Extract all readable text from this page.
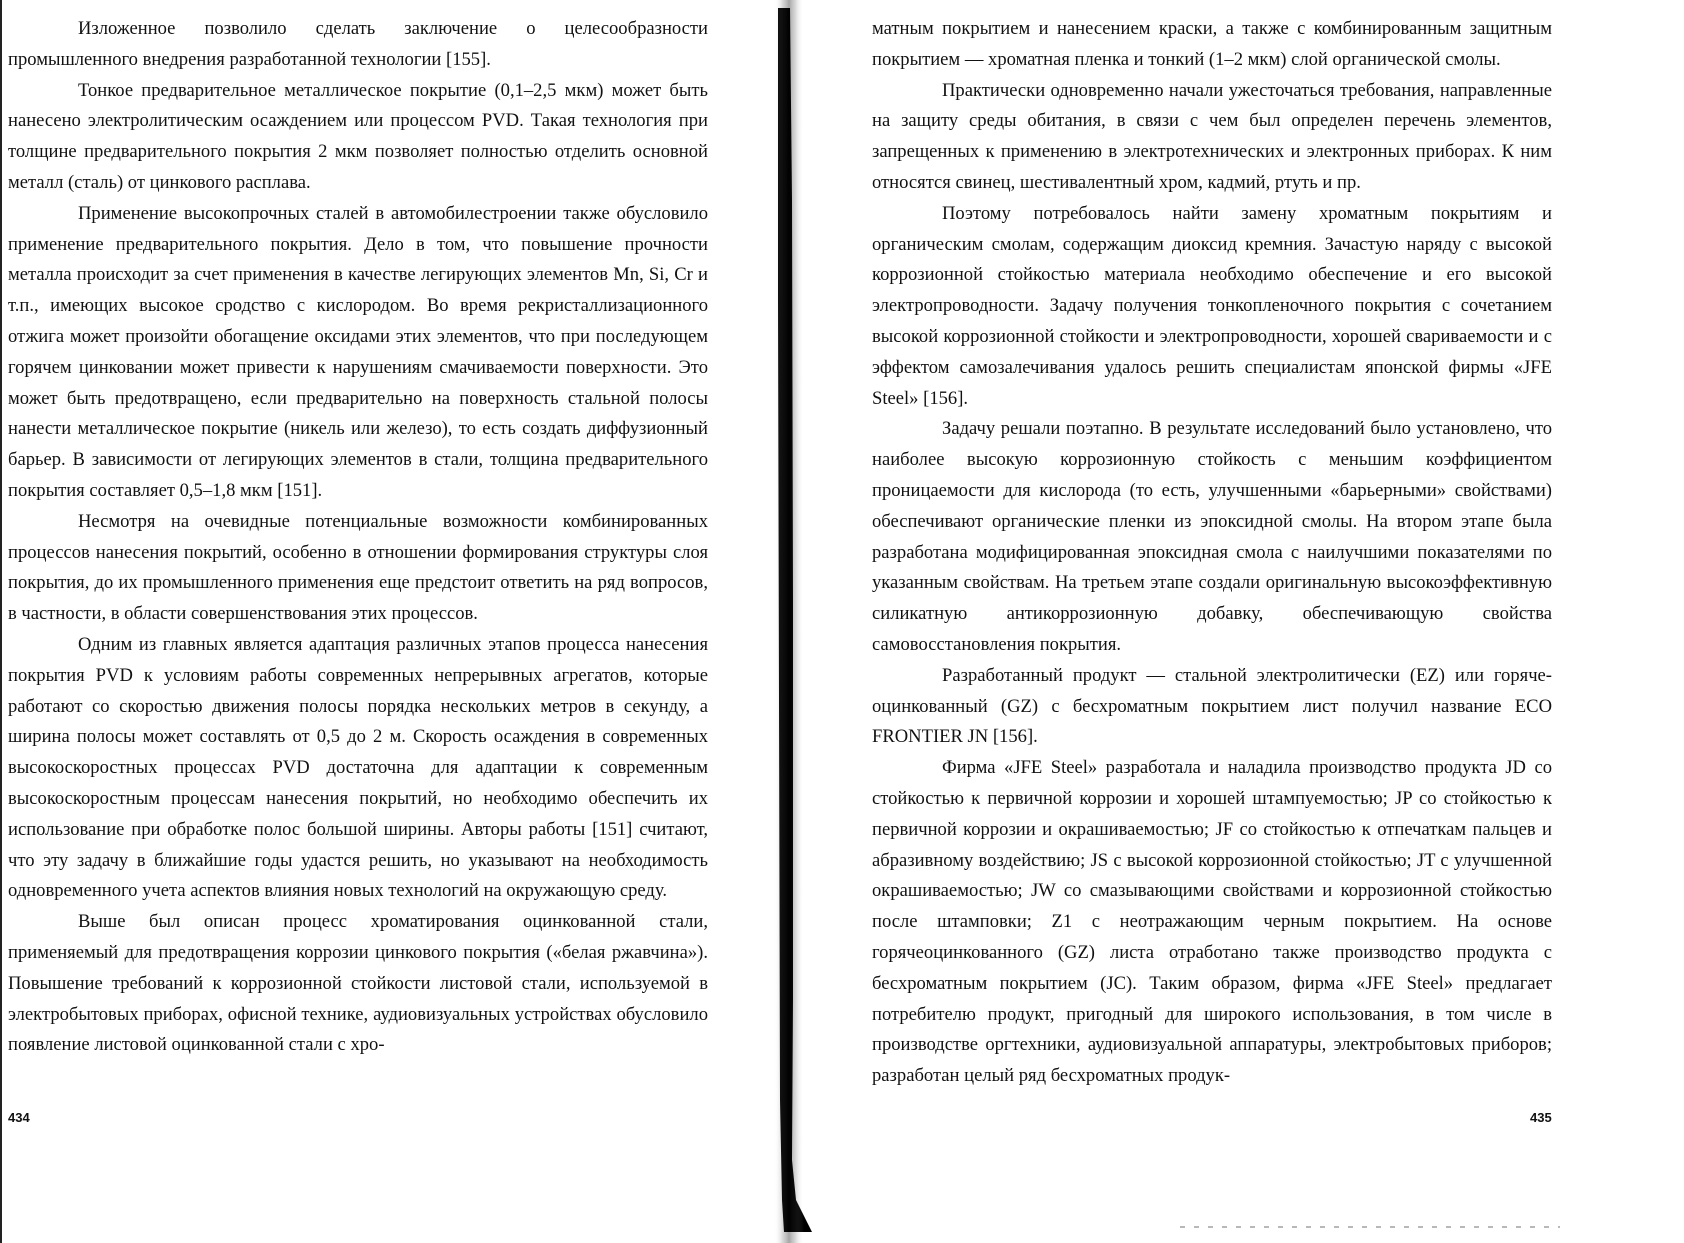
Изложенное позволило сделать заключение о целесообразности промышленного внедрения разработанной технологии [155].

Тонкое предварительное металлическое покрытие (0,1–2,5 мкм) может быть нанесено электролитическим осаждением или процессом PVD. Такая технология при толщине предварительного покрытия 2 мкм позволяет полностью отделить основной металл (сталь) от цинкового расплава.

Применение высокопрочных сталей в автомобилестроении также обусловило применение предварительного покрытия. Дело в том, что повышение прочности металла происходит за счет применения в качестве легирующих элементов Mn, Si, Cr и т.п., имеющих высокое сродство с кислородом. Во время рекристаллизационного отжига может произойти обогащение оксидами этих элементов, что при последующем горячем цинковании может привести к нарушениям смачиваемости поверхности. Это может быть предотвращено, если предварительно на поверхность стальной полосы нанести металлическое покрытие (никель или железо), то есть создать диффузионный барьер. В зависимости от легирующих элементов в стали, толщина предварительного покрытия составляет 0,5–1,8 мкм [151].

Несмотря на очевидные потенциальные возможности комбинированных процессов нанесения покрытий, особенно в отношении формирования структуры слоя покрытия, до их промышленного применения еще предстоит ответить на ряд вопросов, в частности, в области совершенствования этих процессов.

Одним из главных является адаптация различных этапов процесса нанесения покрытия PVD к условиям работы современных непрерывных агрегатов, которые работают со скоростью движения полосы порядка нескольких метров в секунду, а ширина полосы может составлять от 0,5 до 2 м. Скорость осаждения в современных высокоскоростных процессах PVD достаточна для адаптации к современным высокоскоростным процессам нанесения покрытий, но необходимо обеспечить их использование при обработке полос большой ширины. Авторы работы [151] считают, что эту задачу в ближайшие годы удастся решить, но указывают на необходимость одновременного учета аспектов влияния новых технологий на окружающую среду.

Выше был описан процесс хроматирования оцинкованной стали, применяемый для предотвращения коррозии цинкового покрытия («белая ржавчина»). Повышение требований к коррозионной стойкости листовой стали, используемой в электробытовых приборах, офисной технике, аудиовизуальных устройствах обусловило появление листовой оцинкованной стали с хро-

434

матным покрытием и нанесением краски, а также с комбинированным защитным покрытием — хроматная пленка и тонкий (1–2 мкм) слой органической смолы.

Практически одновременно начали ужесточаться требования, направленные на защиту среды обитания, в связи с чем был определен перечень элементов, запрещенных к применению в электротехнических и электронных приборах. К ним относятся свинец, шестивалентный хром, кадмий, ртуть и пр.

Поэтому потребовалось найти замену хроматным покрытиям и органическим смолам, содержащим диоксид кремния. Зачастую наряду с высокой коррозионной стойкостью материала необходимо обеспечение и его высокой электропроводности. Задачу получения тонкопленочного покрытия с сочетанием высокой коррозионной стойкости и электропроводности, хорошей свариваемости и с эффектом самозалечивания удалось решить специалистам японской фирмы «JFE Steel» [156].

Задачу решали поэтапно. В результате исследований было установлено, что наиболее высокую коррозионную стойкость с меньшим коэффициентом проницаемости для кислорода (то есть, улучшенными «барьерными» свойствами) обеспечивают органические пленки из эпоксидной смолы. На втором этапе была разработана модифицированная эпоксидная смола с наилучшими показателями по указанным свойствам. На третьем этапе создали оригинальную высокоэффективную силикатную антикоррозионную добавку, обеспечивающую свойства самовосстановления покрытия.

Разработанный продукт — стальной электролитически (EZ) или горяче-оцинкованный (GZ) с бесхроматным покрытием лист получил название ECO FRONTIER JN [156].

Фирма «JFE Steel» разработала и наладила производство продукта JD со стойкостью к первичной коррозии и хорошей штампуемостью; JP со стойкостью к первичной коррозии и окрашиваемостью; JF со стойкостью к отпечаткам пальцев и абразивному воздействию; JS с высокой коррозионной стойкостью; JT с улучшенной окрашиваемостью; JW со смазывающими свойствами и коррозионной стойкостью после штамповки; Z1 с неотражающим черным покрытием. На основе горячеоцинкованного (GZ) листа отработано также производство продукта с бесхроматным покрытием (JC). Таким образом, фирма «JFE Steel» предлагает потребителю продукт, пригодный для широкого использования, в том числе в производстве оргтехники, аудиовизуальной аппаратуры, электробытовых приборов; разработан целый ряд бесхроматных продук-

435
